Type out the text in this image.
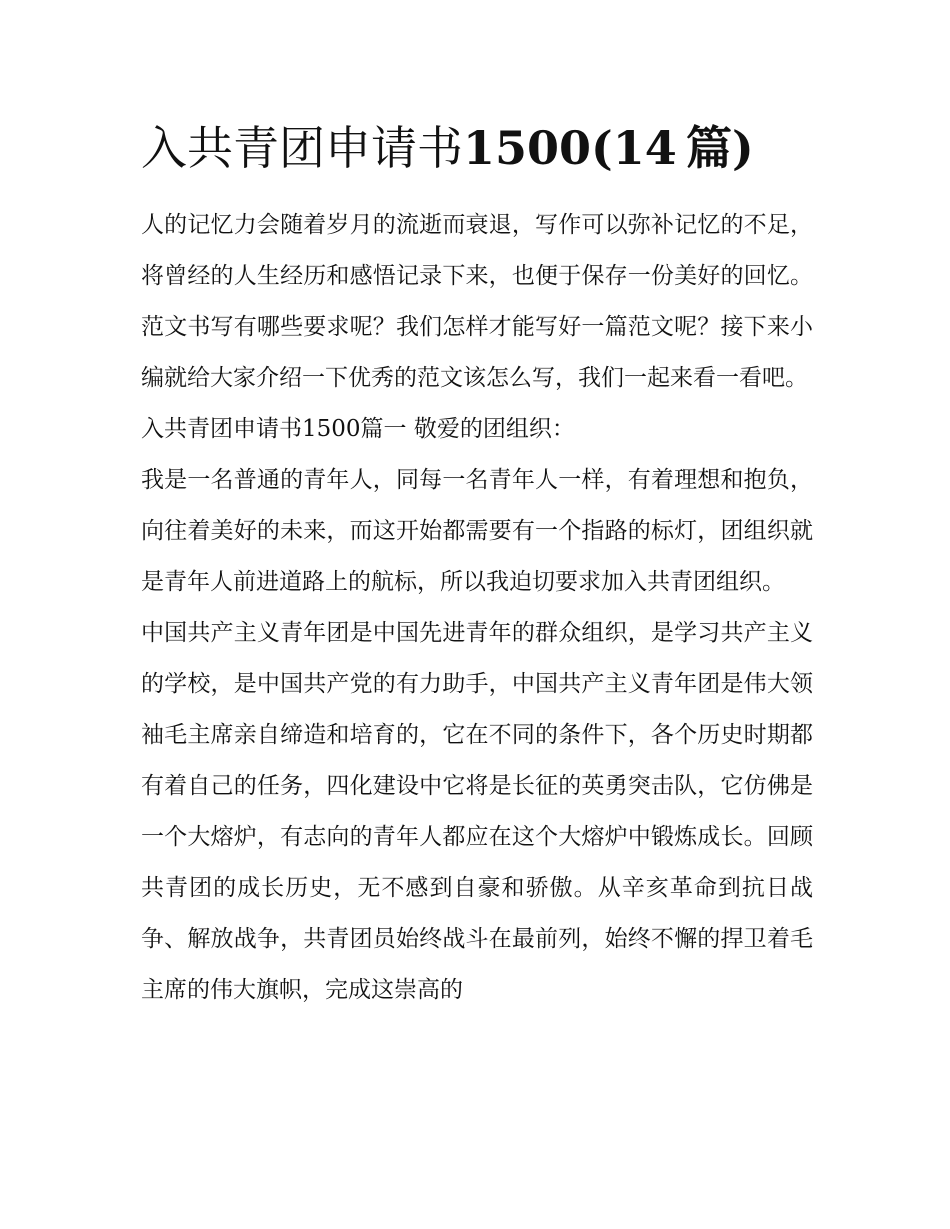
入共青团申请书1500(14  篇)

人的记忆力会随着岁月的流逝而衰退，写作可以弥补记忆的不足，将曾经的人生经历和感悟记录下来，也便于保存一份美好的回忆。范文书写有哪些要求呢？我们怎样才能写好一篇范文呢？接下来小编就给大家介绍一下优秀的范文该怎么写，我们一起来看一看吧。

入共青团申请书1500篇一 敬爱的团组织：

我是一名普通的青年人，同每一名青年人一样，有着理想和抱负，向往着美好的未来，而这开始都需要有一个指路的标灯，团组织就是青年人前进道路上的航标，所以我迫切要求加入共青团组织。

中国共产主义青年团是中国先进青年的群众组织，是学习共产主义的学校，是中国共产党的有力助手，中国共产主义青年团是伟大领袖毛主席亲自缔造和培育的，它在不同的条件下，各个历史时期都有着自己的任务，四化建设中它将是长征的英勇突击队，它仿佛是一个大熔炉，有志向的青年人都应在这个大熔炉中锻炼成长。回顾共青团的成长历史，无不感到自豪和骄傲。从辛亥革命到抗日战争、解放战争，共青团员始终战斗在最前列，始终不懈的捍卫着毛主席的伟大旗帜，完成这崇高的
